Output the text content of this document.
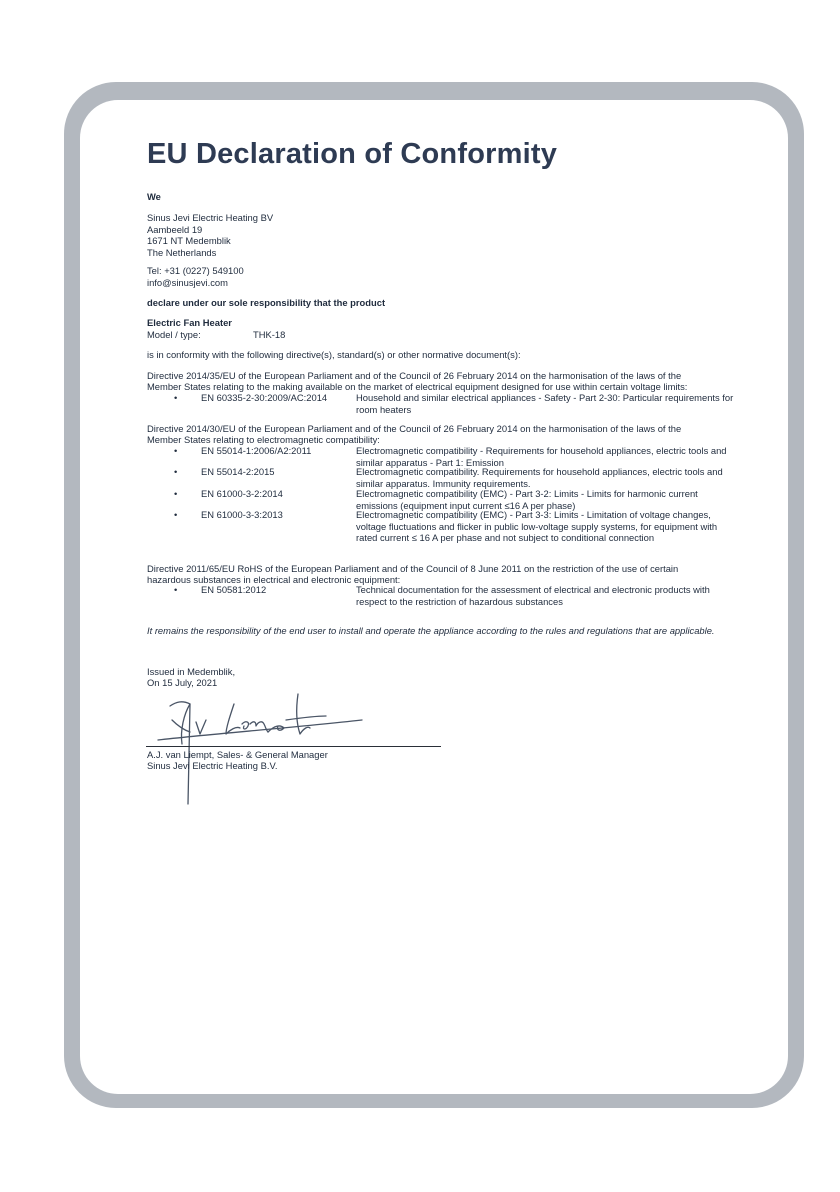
EU Declaration of Conformity
We
Sinus Jevi Electric Heating BV
Aambeeld 19
1671 NT Medemblik
The Netherlands
Tel: +31 (0227) 549100
info@sinusjevi.com
declare under our sole responsibility that the product
Electric Fan Heater
Model / type:	THK-18
is in conformity with the following directive(s), standard(s) or other normative document(s):
Directive 2014/35/EU of the European Parliament and of the Council of 26 February 2014 on the harmonisation of the laws of the
Member States relating to the making available on the market of electrical equipment designed for use within certain voltage limits:
•	EN 60335-2-30:2009/AC:2014	Household and similar electrical appliances - Safety - Part 2-30: Particular requirements for room heaters
Directive 2014/30/EU of the European Parliament and of the Council of 26 February 2014 on the harmonisation of the laws of the
Member States relating to electromagnetic compatibility:
•	EN 55014-1:2006/A2:2011	Electromagnetic compatibility - Requirements for household appliances, electric tools and similar apparatus - Part 1: Emission
•	EN 55014-2:2015	Electromagnetic compatibility. Requirements for household appliances, electric tools and similar apparatus. Immunity requirements.
•	EN 61000-3-2:2014	Electromagnetic compatibility (EMC) - Part 3-2: Limits - Limits for harmonic current emissions (equipment input current ≤16 A per phase)
•	EN 61000-3-3:2013	Electromagnetic compatibility (EMC) - Part 3-3: Limits - Limitation of voltage changes, voltage fluctuations and flicker in public low-voltage supply systems, for equipment with rated current ≤ 16 A per phase and not subject to conditional connection
Directive 2011/65/EU RoHS of the European Parliament and of the Council of 8 June 2011 on the restriction of the use of certain
hazardous substances in electrical and electronic equipment:
•	EN 50581:2012	Technical documentation for the assessment of electrical and electronic products with respect to the restriction of hazardous substances

It remains the responsibility of the end user to install and operate the appliance according to the rules and regulations that are applicable.

Issued in Medemblik,
On 15 July, 2021
A.J. van Liempt, Sales- & General Manager
Sinus Jevi Electric Heating B.V.
